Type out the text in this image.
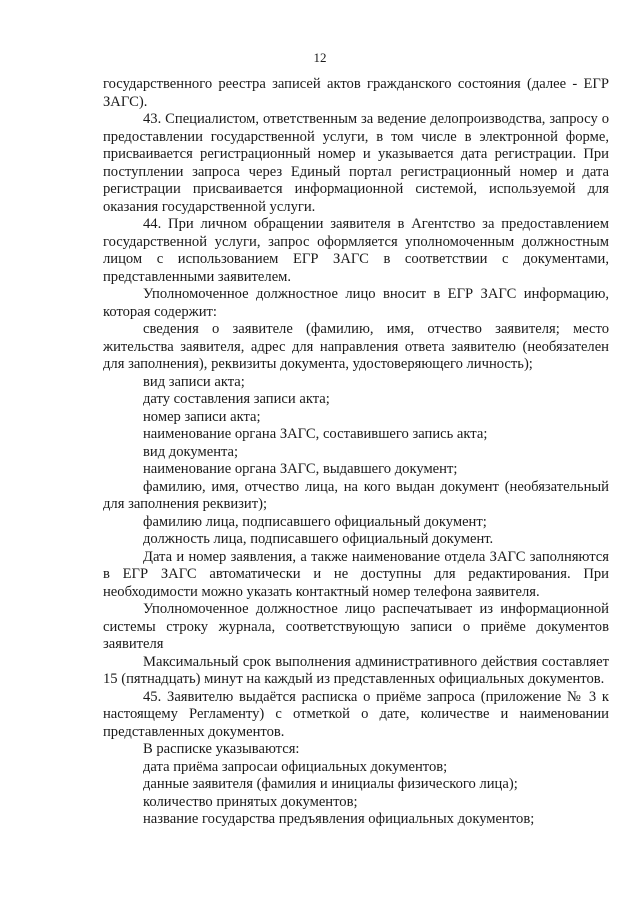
12

государственного реестра записей актов гражданского состояния (далее - ЕГР ЗАГС).

43. Специалистом, ответственным за ведение делопроизводства, запросу о предоставлении государственной услуги, в том числе в электронной форме, присваивается регистрационный номер и указывается дата регистрации. При поступлении запроса через Единый портал регистрационный номер и дата регистрации присваивается информационной системой, используемой для оказания государственной услуги.

44. При личном обращении заявителя в Агентство за предоставлением государственной услуги, запрос оформляется уполномоченным должностным лицом с использованием ЕГР ЗАГС в соответствии с документами, представленными заявителем.

Уполномоченное должностное лицо вносит в ЕГР ЗАГС информацию, которая содержит:

сведения о заявителе (фамилию, имя, отчество заявителя; место жительства заявителя, адрес для направления ответа заявителю (необязателен для заполнения), реквизиты документа, удостоверяющего личность);

вид записи акта;

дату составления записи акта;

номер записи акта;

наименование органа ЗАГС, составившего запись акта;

вид документа;

наименование органа ЗАГС, выдавшего документ;

фамилию, имя, отчество лица, на кого выдан документ (необязательный для заполнения реквизит);

фамилию лица, подписавшего официальный документ;

должность лица, подписавшего официальный документ.

Дата и номер заявления, а также наименование отдела ЗАГС заполняются в ЕГР ЗАГС автоматически и не доступны для редактирования. При необходимости можно указать контактный номер телефона заявителя.

Уполномоченное должностное лицо распечатывает из информационной системы строку журнала, соответствующую записи о приёме документов заявителя

Максимальный срок выполнения административного действия составляет 15 (пятнадцать) минут на каждый из представленных официальных документов.

45. Заявителю выдаётся расписка о приёме запроса (приложение № 3 к настоящему Регламенту) с отметкой о дате, количестве и наименовании представленных документов.

В расписке указываются:

дата приёма запросаи официальных документов;

данные заявителя (фамилия и инициалы физического лица);

количество принятых документов;

название государства предъявления официальных документов;
